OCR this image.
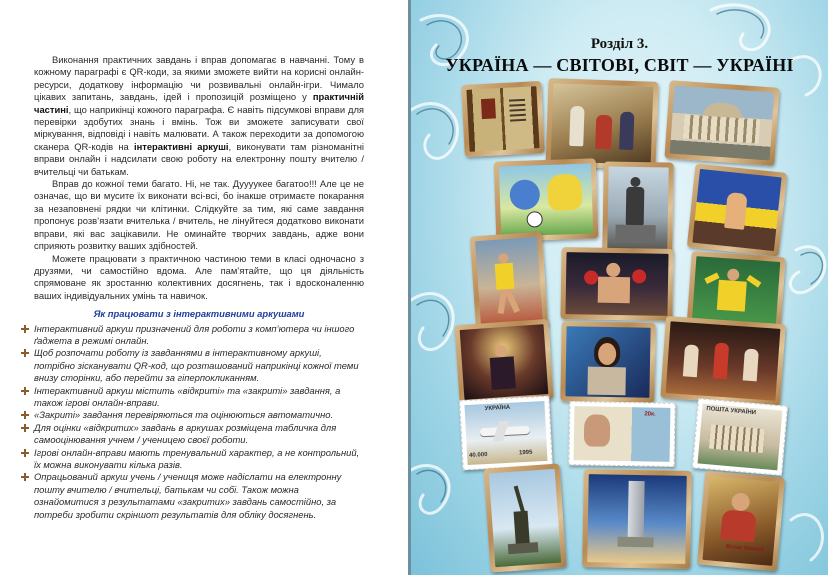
Виконання практичних завдань і вправ допомагає в навчанні. Тому в кожному параграфі є QR-коди, за якими зможете вийти на корисні онлайн-ресурси, додаткову інформацію чи розвивальні онлайн-ігри. Чимало цікавих запитань, завдань, ідей і пропозицій розміщено у практичній частині, що наприкінці кожного параграфа. Є навіть підсумкові вправи для перевірки здобутих знань і вмінь. Тож ви зможете записувати свої міркування, відповіді і навіть малювати. А також переходити за допомогою сканера QR-кодів на інтерактивні аркуші, виконувати там різноманітні вправи онлайн і надсилати свою роботу на електронну пошту вчителю / вчительці чи батькам.

Вправ до кожної теми багато. Ні, не так. Дуууукее багатоо!!! Але це не означає, що ви мусите їх виконати всі-всі, бо інакше отримаєте покарання за незаповнені рядки чи клітинки. Слідкуйте за тим, які саме завдання пропонує розв’язати вчителька / вчитель, не лінуйтеся додатково виконати вправи, які вас зацікавили. Не оминайте творчих завдань, адже вони сприяють розвитку ваших здібностей.

Можете працювати з практичною частиною теми в класі одночасно з друзями, чи самостійно вдома. Але пам’ятайте, що ця діяльність спрямоване як зростанню колективних досягнень, так і вдосконаленню ваших індивідуальних умінь та навичок.

Як працювати з інтерактивними аркушами
Інтерактивний аркуш призначений для роботи з комп’ютера чи іншого ґаджета в режимі онлайн.
Щоб розпочати роботу із завданнями в інтерактивному аркуші, потрібно зісканувати QR-код, що розташований наприкінці кожної теми внизу сторінки, або перейти за гіперпокликанням.
Інтерактивний аркуш містить «відкриті» та «закриті» завдання, а також ігрові онлайн-вправи.
«Закриті» завдання перевіряються та оцінюються автоматично.
Для оцінки «відкритих» завдань в аркушах розміщена табличка для самооцінювання учнем / ученицею своєї роботи.
Ігрові онлайн-вправи мають тренувальний характер, а не контрольний, їх можна виконувати кілька разів.
Опрацьований аркуш учень / учениця може надіслати на електронну пошту вчителю / вчительці, батькам чи собі. Також можна ознайомитися з результатами «закритих» завдань самостійно, за потреби зробити скріншот результатів для обліку досягнень.
Розділ 3.
УКРАЇНА — СВІТОВІ, СВІТ — УКРАЇНІ
УКРАЇНА
40.000	1995
20к.	ПОШТА УКРАЇНИ
Козак Мамай
